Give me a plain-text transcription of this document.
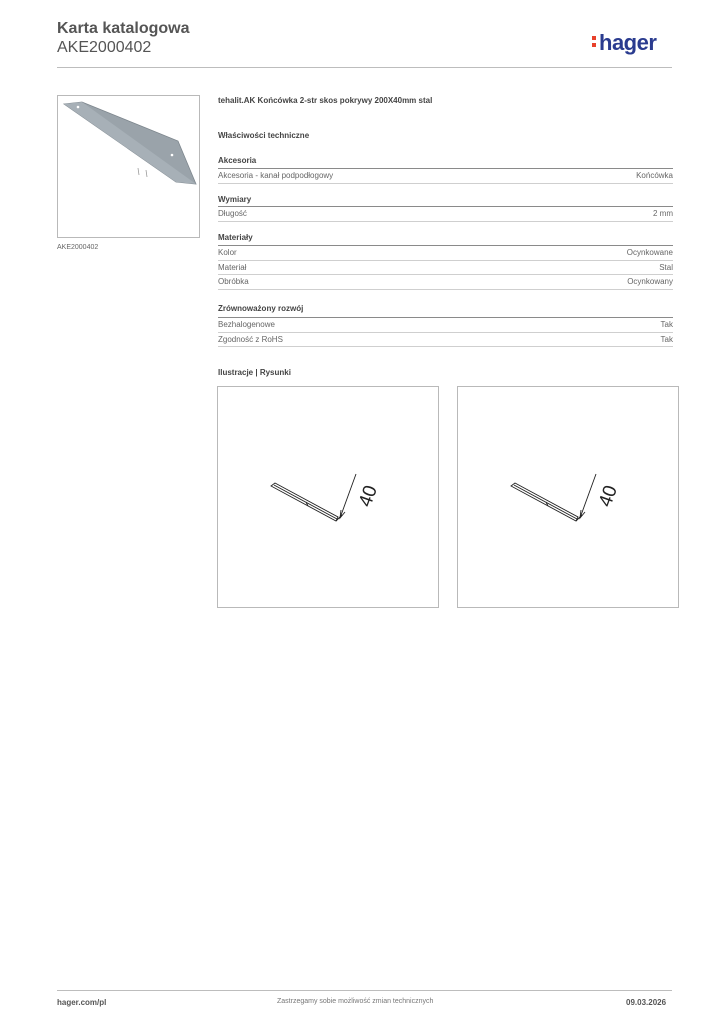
Karta katalogowa
AKE2000402	hager
AKE2000402
tehalit.AK Końcówka 2-str skos pokrywy 200X40mm stal
Właściwości techniczne
Akcesoria
Akcesoria - kanał podpodłogowy	Końcówka
Wymiary
Długość	2 mm
Materiały
Kolor	Ocynkowane
Materiał	Stal
Obróbka	Ocynkowany
Zrównoważony rozwój
Bezhalogenowe	Tak
Zgodność z RoHS	Tak
Ilustracje | Rysunki
40	40
hager.com/pl	Zastrzegamy sobie możliwość zmian technicznych	09.03.2026
